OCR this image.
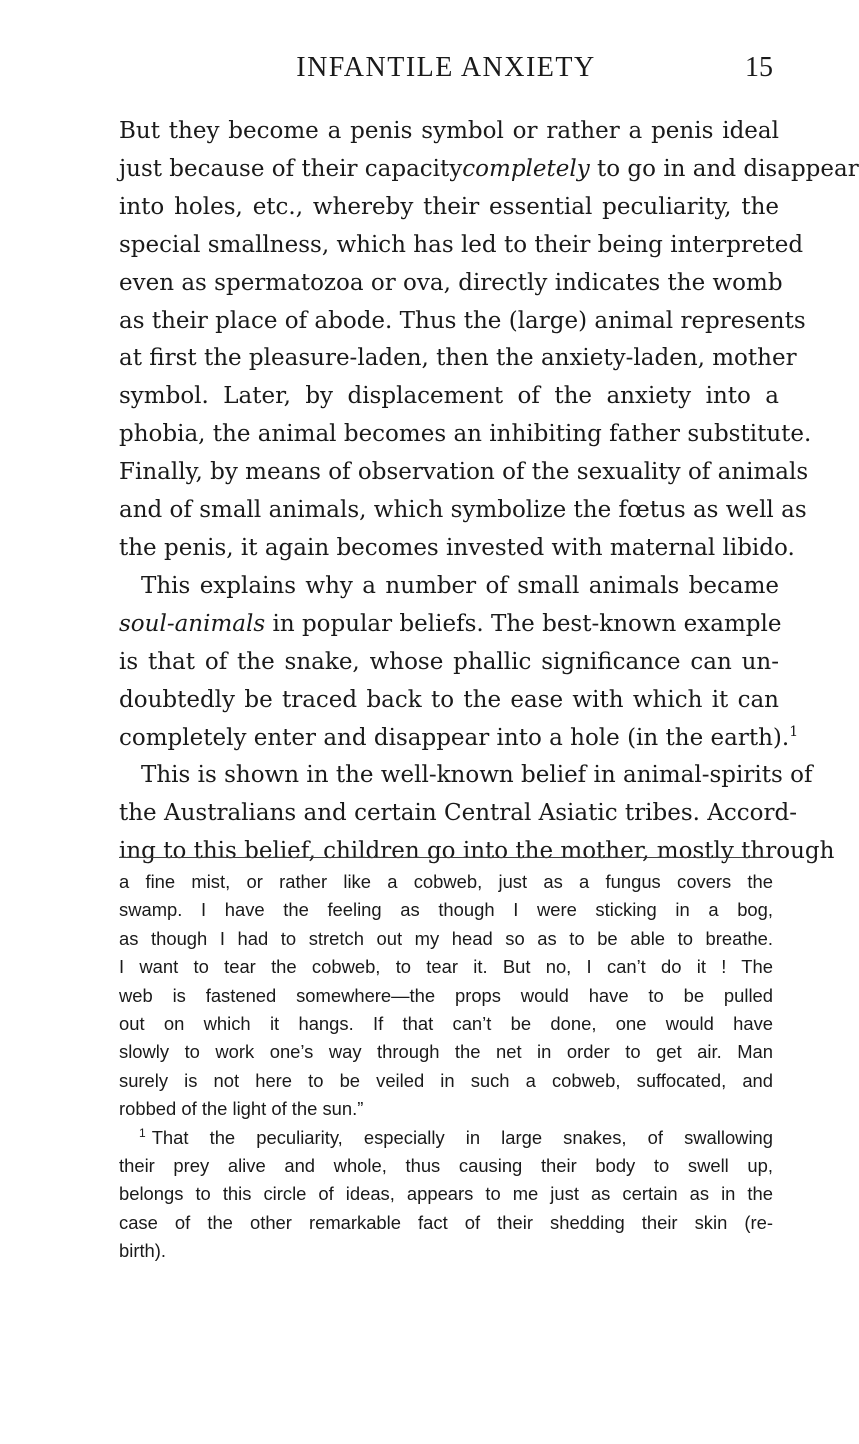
INFANTILE ANXIETY	15
But they become a penis symbol or rather a penis ideal
just because of their capacitycompletely to go in and disappear
into holes, etc., whereby their essential peculiarity, the
special smallness, which has led to their being interpreted
even as spermatozoa or ova, directly indicates the womb
as their place of abode. Thus the (large) animal represents
at first the pleasure-laden, then the anxiety-laden, mother
symbol. Later, by displacement of the anxiety into a
phobia, the animal becomes an inhibiting father substitute.
Finally, by means of observation of the sexuality of animals
and of small animals, which symbolize the fœtus as well as
the penis, it again becomes invested with maternal libido.
This explains why a number of small animals became
soul-animals in popular beliefs. The best-known example
is that of the snake, whose phallic significance can un-
doubtedly be traced back to the ease with which it can
completely enter and disappear into a hole (in the earth).$^1$
This is shown in the well-known belief in animal-spirits of
the Australians and certain Central Asiatic tribes. Accord-
ing to this belief, children go into the mother, mostly through
a fine mist, or rather like a cobweb, just as a fungus covers the
swamp. I have the feeling as though I were sticking in a bog,
as though I had to stretch out my head so as to be able to breathe.
I want to tear the cobweb, to tear it. But no, I can’t do it ! The
web is fastened somewhere—the props would have to be pulled
out on which it hangs. If that can’t be done, one would have
slowly to work one’s way through the net in order to get air. Man
surely is not here to be veiled in such a cobweb, suffocated, and
robbed of the light of the sun.”
$^1$ That the peculiarity, especially in large snakes, of swallowing
their prey alive and whole, thus causing their body to swell up,
belongs to this circle of ideas, appears to me just as certain as in the
case of the other remarkable fact of their shedding their skin (re-
birth).
